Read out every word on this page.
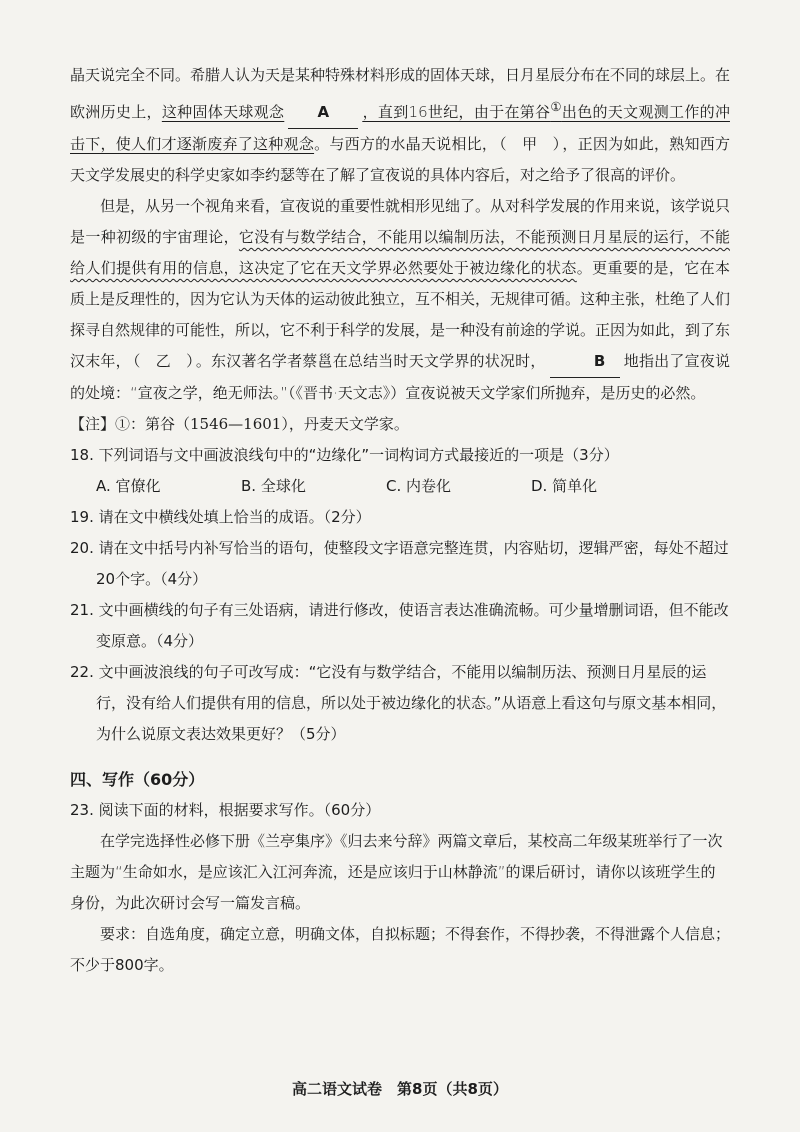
晶天说完全不同。希腊人认为天是某种特殊材料形成的固体天球，日月星辰分布在不同的球层上。在欧洲历史上，这种固体天球观念 A ，直到16世纪，由于在第谷①出色的天文观测工作的冲击下，使人们才逐渐废弃了这种观念。与西方的水晶天说相比， （　甲　） ，正因为如此，熟知西方天文学发展史的科学史家如李约瑟等在了解了宣夜说的具体内容后，对之给予了很高的评价。

但是，从另一个视角来看，宣夜说的重要性就相形见绌了。从对科学发展的作用来说，该学说只是一种初级的宇宙理论，它没有与数学结合，不能用以编制历法，不能预测日月星辰的运行，不能给人们提供有用的信息，这决定了它在天文学界必然要处于被边缘化的状态。更重要的是，它在本质上是反理性的，因为它认为天体的运动彼此独立，互不相关，无规律可循。这种主张，杜绝了人们探寻自然规律的可能性，所以，它不利于科学的发展，是一种没有前途的学说。正因为如此，到了东汉末年， （　乙　） 。东汉著名学者蔡邕在总结当时天文学界的状况时，	B 地指出了宣夜说的处境：“宣夜之学，绝无师法。”（《晋书·天文志》）宣夜说被天文学家们所抛弃，是历史的必然。

【注】①：第谷（1546—1601），丹麦天文学家。

18. 下列词语与文中画波浪线句中的“边缘化”一词构词方式最接近的一项是（3分）

A. 官僚化	B. 全球化	C. 内卷化	D. 简单化

19. 请在文中横线处填上恰当的成语。（2分）

20. 请在文中括号内补写恰当的语句，使整段文字语意完整连贯，内容贴切，逻辑严密，每处不超过20个字。（4分）

21. 文中画横线的句子有三处语病，请进行修改，使语言表达准确流畅。可少量增删词语，但不能改变原意。（4分）

22. 文中画波浪线的句子可改写成：“它没有与数学结合，不能用以编制历法、预测日月星辰的运行，没有给人们提供有用的信息，所以处于被边缘化的状态。”从语意上看这句与原文基本相同，为什么说原文表达效果更好？（5分）

四、写作（60分）

23. 阅读下面的材料，根据要求写作。（60分）

在学完选择性必修下册《兰亭集序》《归去来兮辞》两篇文章后，某校高二年级某班举行了一次主题为“生命如水，是应该汇入江河奔流，还是应该归于山林静流”的课后研讨，请你以该班学生的身份，为此次研讨会写一篇发言稿。

要求：自选角度，确定立意，明确文体，自拟标题；不得套作，不得抄袭，不得泄露个人信息；不少于800字。

高二语文试卷　第8页（共8页）
